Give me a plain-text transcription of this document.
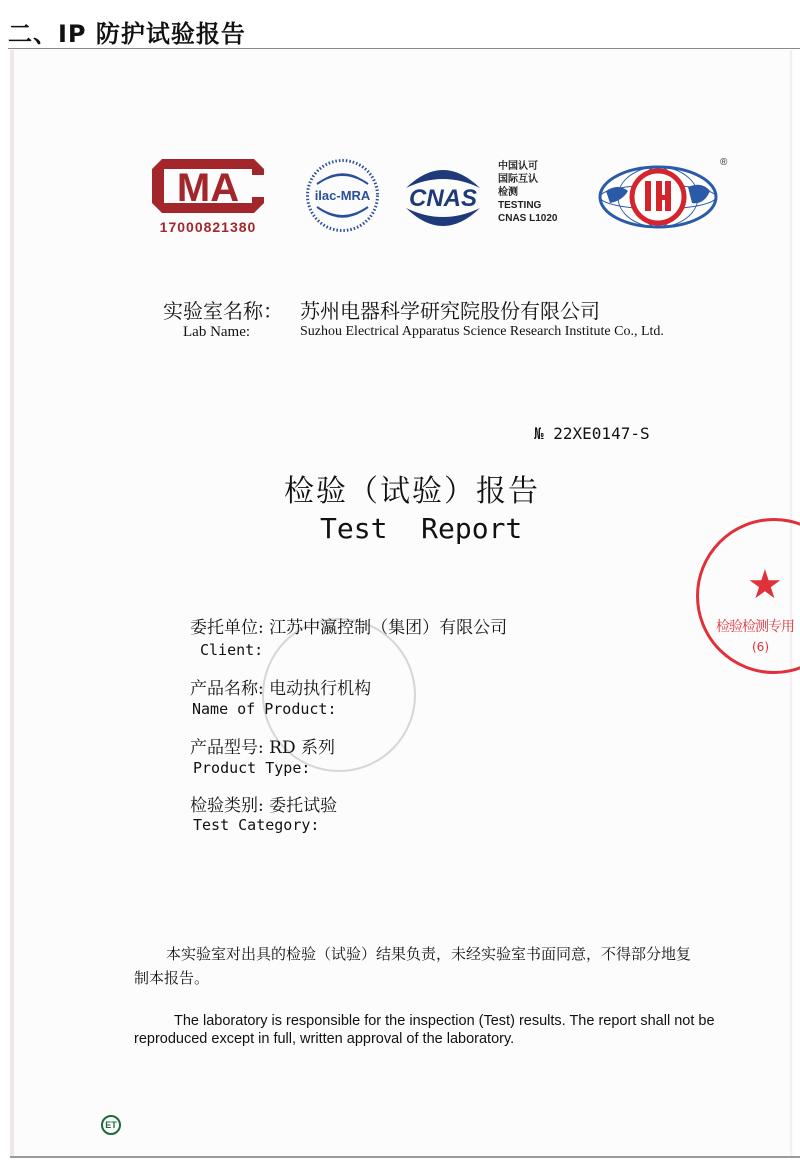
二、IP 防护试验报告
MA
17000821380
ilac-MRA CNAS
中国认可
国际互认
检测
TESTING
CNAS L1020
®
实验室名称： 苏州电器科学研究院股份有限公司
Lab Name:	Suzhou Electrical Apparatus Science Research Institute Co., Ltd.
№ 22XE0147-S
检验（试验）报告
Test  Report
★
检验检测专用
(6)
委托单位: 江苏中瀛控制（集团）有限公司
Client:
产品名称: 电动执行机构
Name of Product:
产品型号: RD 系列
Product Type:
检验类别: 委托试验
Test Category:
本实验室对出具的检验（试验）结果负责，未经实验室书面同意，不得部分地复制本报告。
The laboratory is responsible for the inspection (Test) results. The report shall not be reproduced except in full, written approval of the laboratory.
ET
